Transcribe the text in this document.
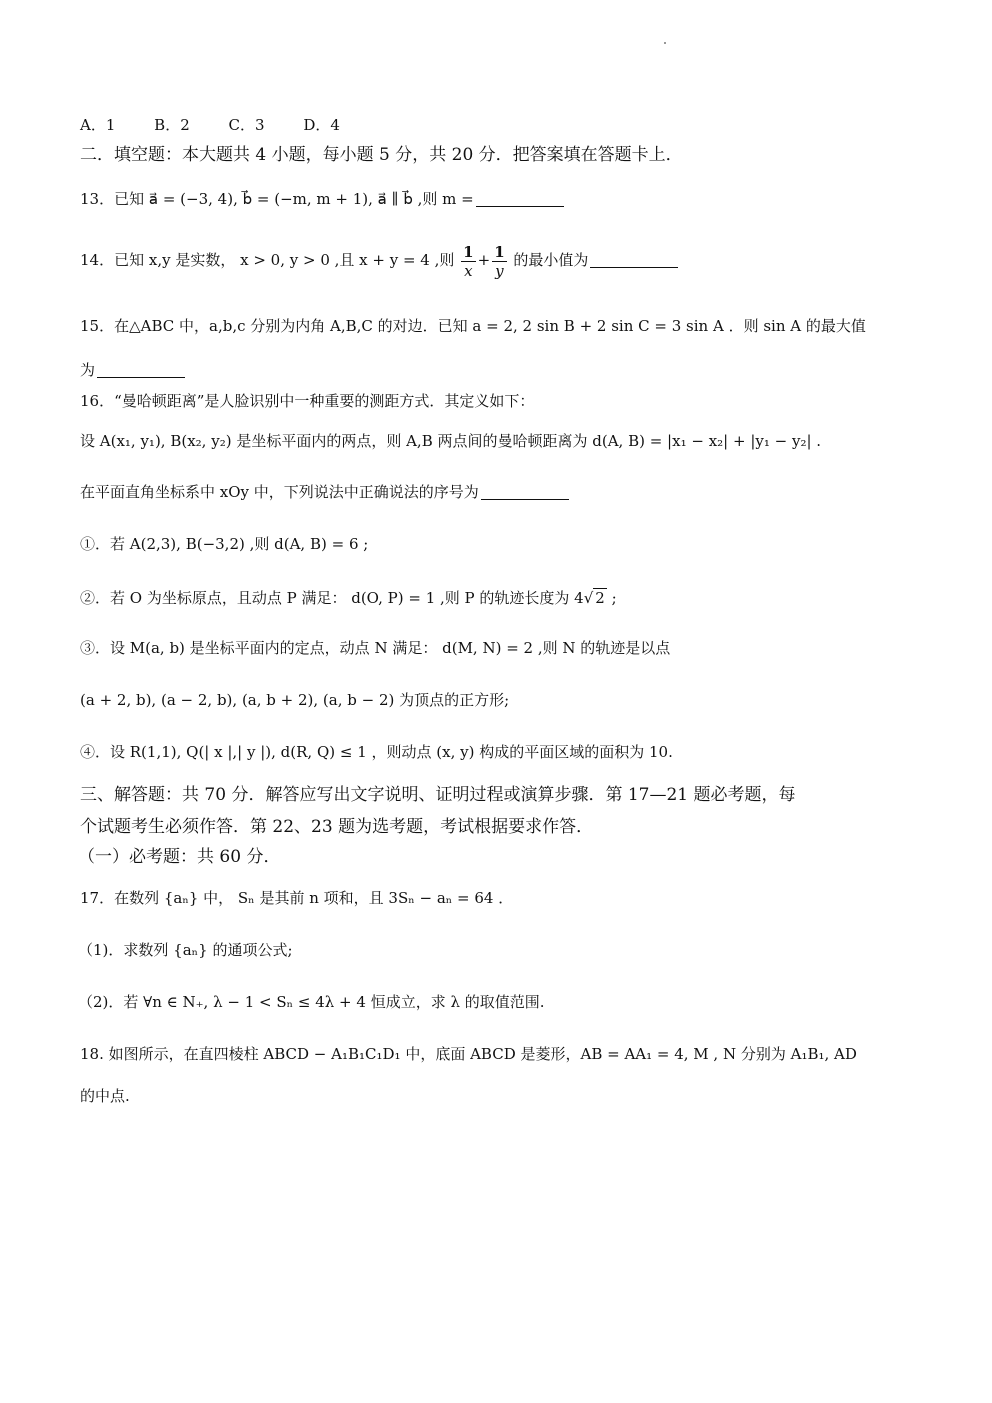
A．1	B．2	C．3	D．4
二．填空题：本大题共 4 小题，每小题 5 分，共 20 分．把答案填在答题卡上．
13．已知 a⃗ = (−3, 4), b⃗ = (−m, m + 1), a⃗ ∥ b⃗ ,则 m =
14．已知 x,y 是实数， x > 0, y > 0 ,且 x + y = 4 ,则 $\frac{1}{x} + \frac{1}{y}$ 的最小值为
15．在△ABC 中，a,b,c 分别为内角 A,B,C 的对边．已知 a = 2, 2 sin B + 2 sin C = 3 sin A ．则 sin A 的最大值
为
16．“曼哈顿距离”是人脸识别中一种重要的测距方式．其定义如下：
设 A(x₁, y₁), B(x₂, y₂) 是坐标平面内的两点，则 A,B 两点间的曼哈顿距离为 d(A, B) = |x₁ − x₂| + |y₁ − y₂| .
在平面直角坐标系中 xOy 中，下列说法中正确说法的序号为
①．若 A(2,3), B(−3,2) ,则 d(A, B) = 6 ;
②．若 O 为坐标原点，且动点 P 满足： d(O, P) = 1 ,则 P 的轨迹长度为 4√ 2 ;
③．设 M(a, b) 是坐标平面内的定点，动点 N 满足： d(M, N) = 2 ,则 N 的轨迹是以点
(a + 2, b), (a − 2, b), (a, b + 2), (a, b − 2) 为顶点的正方形;
④．设 R(1,1), Q(| x |,| y |), d(R, Q) ≤ 1 ，则动点 (x, y) 构成的平面区域的面积为 10.
三、解答题：共 70 分．解答应写出文字说明、证明过程或演算步骤．第 17—21 题必考题，每
个试题考生必须作答．第 22、23 题为选考题，考试根据要求作答．
（一）必考题：共 60 分．
17．在数列 {aₙ} 中， Sₙ 是其前 n 项和，且 3Sₙ − aₙ = 64 ．
（1)．求数列 {aₙ} 的通项公式;
（2)．若 ∀n ∈ N₊, λ − 1 < Sₙ ≤ 4λ + 4 恒成立，求 λ 的取值范围.
18. 如图所示，在直四棱柱 ABCD − A₁B₁C₁D₁ 中，底面 ABCD 是菱形，AB = AA₁ = 4, M , N 分别为 A₁B₁, AD
的中点.
